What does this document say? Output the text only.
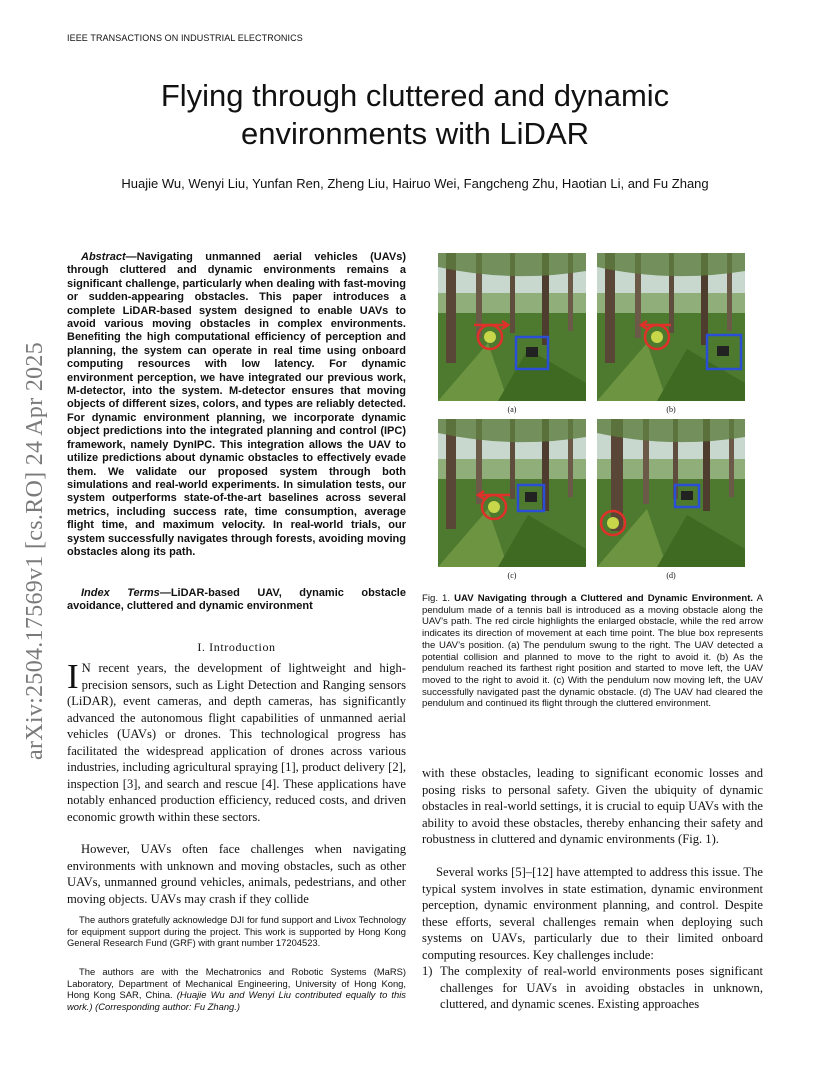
IEEE TRANSACTIONS ON INDUSTRIAL ELECTRONICS
Flying through cluttered and dynamic
environments with LiDAR
Huajie Wu, Wenyi Liu, Yunfan Ren, Zheng Liu, Hairuo Wei, Fangcheng Zhu, Haotian Li, and Fu Zhang
arXiv:2504.17569v1 [cs.RO] 24 Apr 2025

Abstract—Navigating unmanned aerial vehicles (UAVs) through cluttered and dynamic environments remains a significant challenge, particularly when dealing with fast-moving or sudden-appearing obstacles. This paper introduces a complete LiDAR-based system designed to enable UAVs to avoid various moving obstacles in complex environments. Benefiting the high computational efficiency of perception and planning, the system can operate in real time using onboard computing resources with low latency. For dynamic environment perception, we have integrated our previous work, M-detector, into the system. M-detector ensures that moving objects of different sizes, colors, and types are reliably detected. For dynamic environment planning, we incorporate dynamic object predictions into the integrated planning and control (IPC) framework, namely DynIPC. This integration allows the UAV to utilize predictions about dynamic obstacles to effectively evade them. We validate our proposed system through both simulations and real-world experiments. In simulation tests, our system outperforms state-of-the-art baselines across several metrics, including success rate, time consumption, average flight time, and maximum velocity. In real-world trials, our system successfully navigates through forests, avoiding moving obstacles along its path.

Index Terms—LiDAR-based UAV, dynamic obstacle avoidance, cluttered and dynamic environment

I. Introduction

I N recent years, the development of lightweight and high-precision sensors, such as Light Detection and Ranging sensors (LiDAR), event cameras, and depth cameras, has significantly advanced the autonomous flight capabilities of unmanned aerial vehicles (UAVs) or drones. This technological progress has facilitated the widespread application of drones across various industries, including agricultural spraying [1], product delivery [2], inspection [3], and search and rescue [4]. These applications have notably enhanced production efficiency, reduced costs, and driven economic growth within these sectors.

However, UAVs often face challenges when navigating environments with unknown and moving obstacles, such as other UAVs, unmanned ground vehicles, animals, pedestrians, and other moving objects. UAVs may crash if they collide

The authors gratefully acknowledge DJI for fund support and Livox Technology for equipment support during the project. This work is supported by Hong Kong General Research Fund (GRF) with grant number 17204523.

The authors are with the Mechatronics and Robotic Systems (MaRS) Laboratory, Department of Mechanical Engineering, University of Hong Kong, Hong Kong SAR, China. (Huajie Wu and Wenyi Liu contributed equally to this work.) (Corresponding author: Fu Zhang.)

(a)	(b)
(c)	(d)

Fig. 1. UAV Navigating through a Cluttered and Dynamic Environment. A pendulum made of a tennis ball is introduced as a moving obstacle along the UAV’s path. The red circle highlights the enlarged obstacle, while the red arrow indicates its direction of movement at each time point. The blue box represents the UAV’s position. (a) The pendulum swung to the right. The UAV detected a potential collision and planned to move to the right to avoid it. (b) As the pendulum reached its farthest right position and started to move left, the UAV moved to the right to avoid it. (c) With the pendulum now moving left, the UAV successfully navigated past the dynamic obstacle. (d) The UAV had cleared the pendulum and continued its flight through the cluttered environment.

with these obstacles, leading to significant economic losses and posing risks to personal safety. Given the ubiquity of dynamic obstacles in real-world settings, it is crucial to equip UAVs with the ability to avoid these obstacles, thereby enhancing their safety and robustness in cluttered and dynamic environments (Fig. 1).

Several works [5]–[12] have attempted to address this issue. The typical system involves in state estimation, dynamic environment perception, dynamic environment planning, and control. Despite these efforts, several challenges remain when deploying such systems on UAVs, particularly due to their limited onboard computing resources. Key challenges include:

1) The complexity of real-world environments poses significant challenges for UAVs in avoiding obstacles in unknown, cluttered, and dynamic scenes. Existing approaches
